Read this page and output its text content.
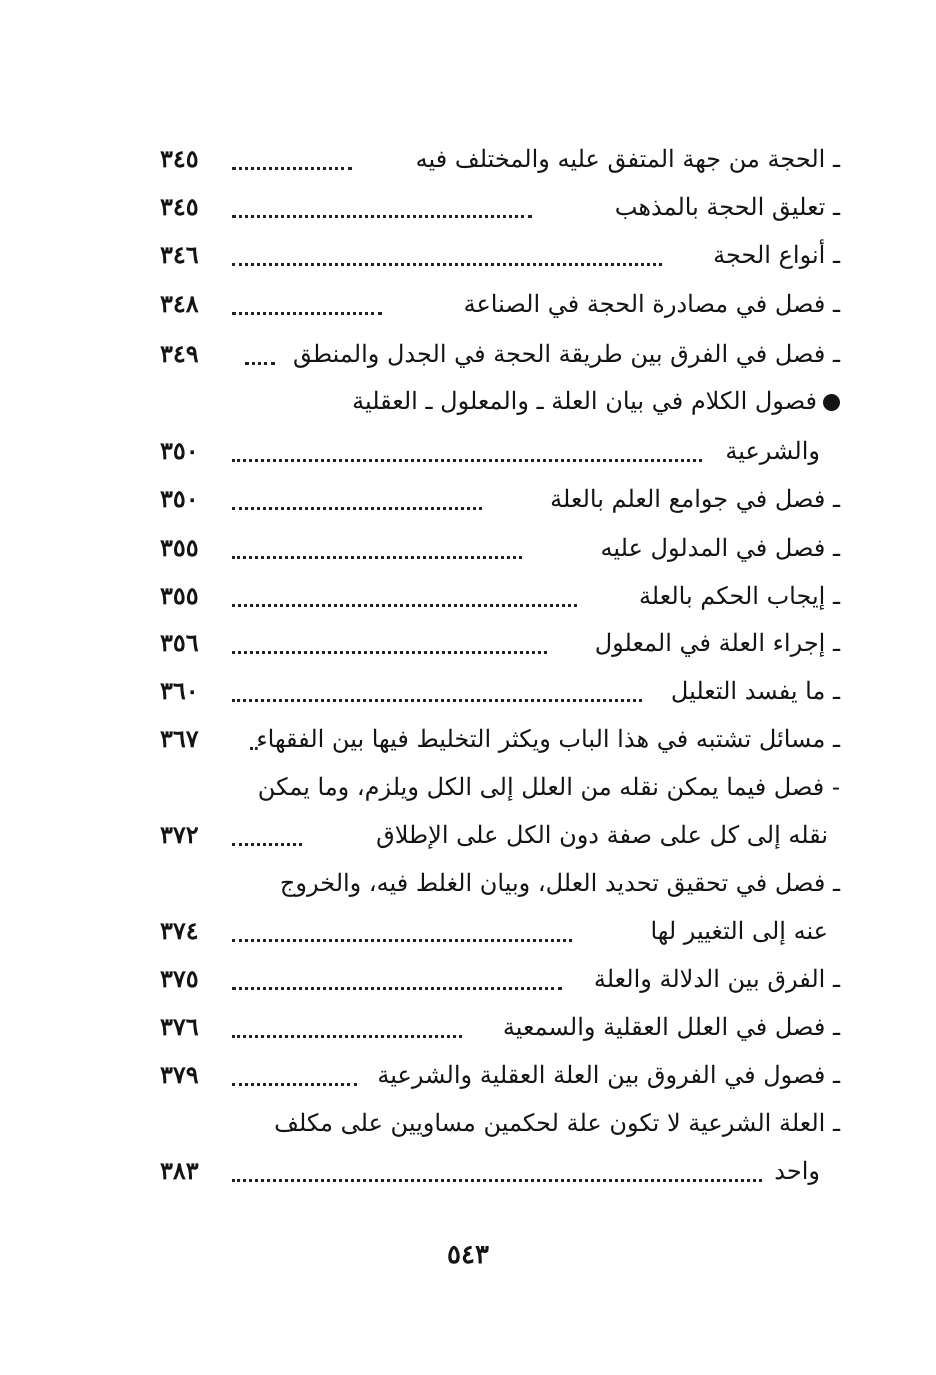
ـ الحجة من جهة المتفق عليه والمختلف فيه
٣٤٥
ـ تعليق الحجة بالمذهب
٣٤٥
ـ أنواع الحجة
٣٤٦
ـ فصل في مصادرة الحجة في الصناعة
٣٤٨
ـ فصل في الفرق بين طريقة الحجة في الجدل والمنطق
٣٤٩
فصول الكلام في بيان العلة ـ والمعلول ـ العقلية
والشرعية
٣٥٠
ـ فصل في جوامع العلم بالعلة
٣٥٠
ـ فصل في المدلول عليه
٣٥٥
ـ إيجاب الحكم بالعلة
٣٥٥
ـ إجراء العلة في المعلول
٣٥٦
ـ ما يفسد التعليل
٣٦٠
ـ مسائل تشتبه في هذا الباب ويكثر التخليط فيها بين الفقهاء
٣٦٧
- فصل فيما يمكن نقله من العلل إلى الكل ويلزم، وما يمكن
نقله إلى كل على صفة دون الكل على الإطلاق
٣٧٢
ـ فصل في تحقيق تحديد العلل، وبيان الغلط فيه، والخروج
عنه إلى التغيير لها
٣٧٤
ـ الفرق بين الدلالة والعلة
٣٧٥
ـ فصل في العلل العقلية والسمعية
٣٧٦
ـ فصول في الفروق بين العلة العقلية والشرعية
٣٧٩
ـ العلة الشرعية لا تكون علة لحكمين مساويين على مكلف
واحد
٣٨٣
٥٤٣
